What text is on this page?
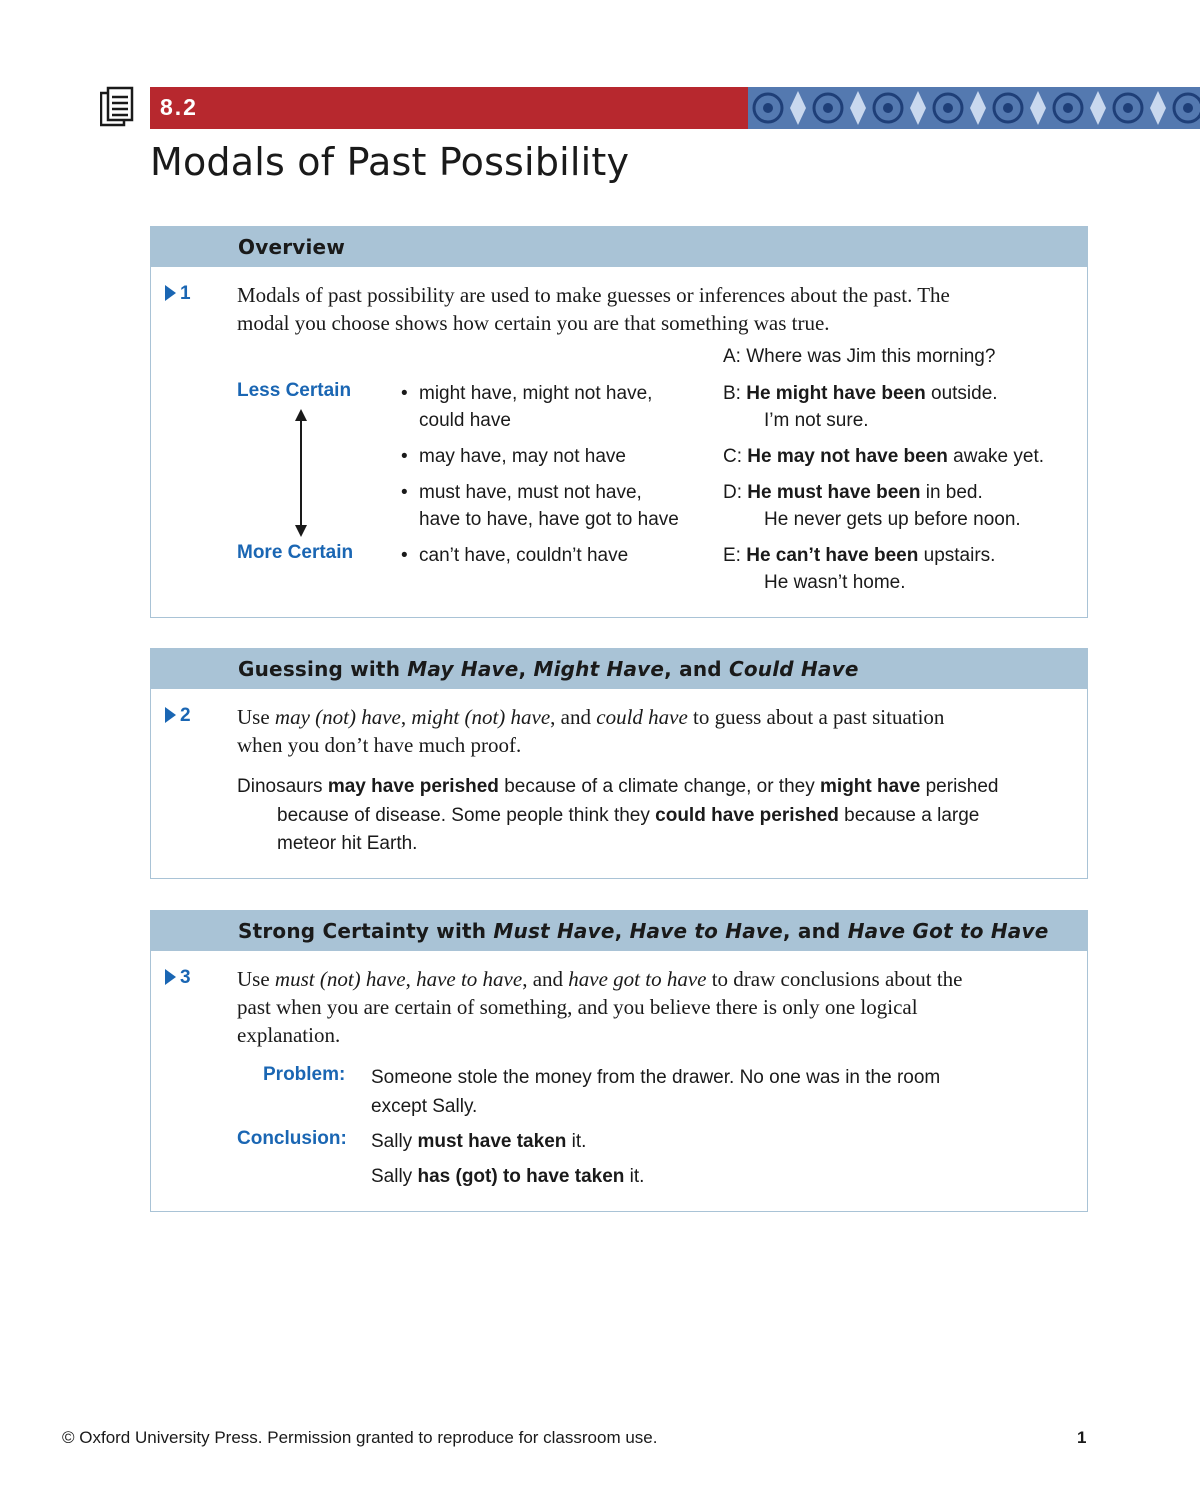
8.2
Modals of Past Possibility
Overview
1 Modals of past possibility are used to make guesses or inferences about the past. The
modal you choose shows how certain you are that something was true.
A: Where was Jim this morning?
Less Certain
More Certain
• might have, might not have,
could have
• may have, may not have
• must have, must not have,
have to have, have got to have
• can’t have, couldn’t have
B: He might have been outside.
I’m not sure.
C: He may not have been awake yet.
D: He must have been in bed.
He never gets up before noon.
E: He can’t have been upstairs.
He wasn’t home.
Guessing with May Have, Might Have, and Could Have
2 Use may (not) have, might (not) have, and could have to guess about a past situation
when you don’t have much proof.
Dinosaurs may have perished because of a climate change, or they might have perished
because of disease. Some people think they could have perished because a large
meteor hit Earth.
Strong Certainty with Must Have, Have to Have, and Have Got to Have
3 Use must (not) have, have to have, and have got to have to draw conclusions about the
past when you are certain of something, and you believe there is only one logical
explanation.
Problem: Someone stole the money from the drawer. No one was in the room
except Sally.
Conclusion: Sally must have taken it.
Sally has (got) to have taken it.
© Oxford University Press. Permission granted to reproduce for classroom use.	1
